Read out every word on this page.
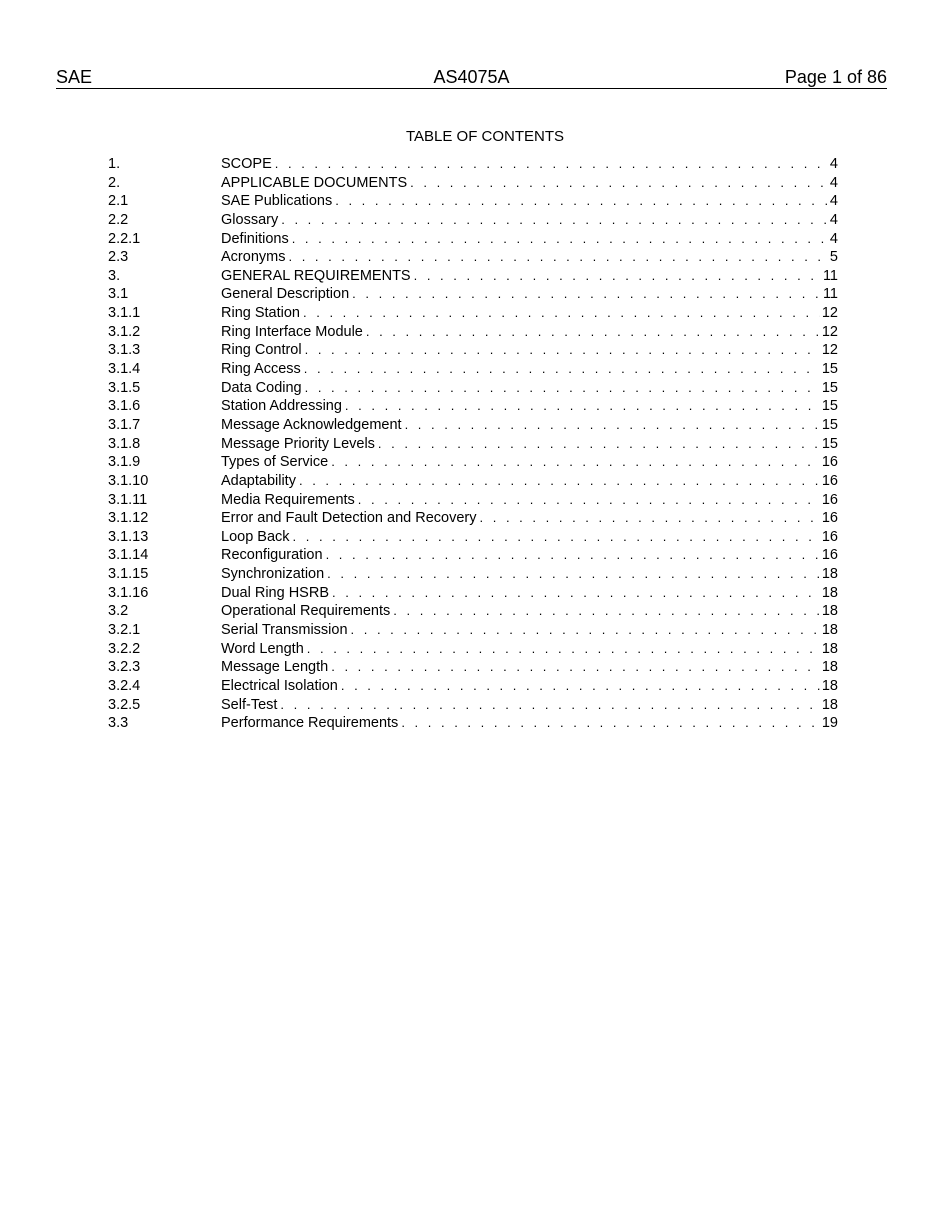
SAE	AS4075A	Page 1 of 86
TABLE OF CONTENTS
1.	SCOPE . . .	4
2.	APPLICABLE DOCUMENTS . . .	4
2.1	SAE Publications . . .	4
2.2	Glossary . . .	4
2.2.1	Definitions . . .	4
2.3	Acronyms . . .	5
3.	GENERAL REQUIREMENTS . . .	11
3.1	General Description . . .	11
3.1.1	Ring Station . . .	12
3.1.2	Ring Interface Module . . .	12
3.1.3	Ring Control . . .	12
3.1.4	Ring Access . . .	15
3.1.5	Data Coding . . .	15
3.1.6	Station Addressing . . .	15
3.1.7	Message Acknowledgement . . .	15
3.1.8	Message Priority Levels . . .	15
3.1.9	Types of Service . . .	16
3.1.10	Adaptability . . .	16
3.1.11	Media Requirements . . .	16
3.1.12	Error and Fault Detection and Recovery . . .	16
3.1.13	Loop Back . . .	16
3.1.14	Reconfiguration . . .	16
3.1.15	Synchronization . . .	18
3.1.16	Dual Ring HSRB . . .	18
3.2	Operational Requirements . . .	18
3.2.1	Serial Transmission . . .	18
3.2.2	Word Length . . .	18
3.2.3	Message Length . . .	18
3.2.4	Electrical Isolation . . .	18
3.2.5	Self-Test . . .	18
3.3	Performance Requirements . . .	19
